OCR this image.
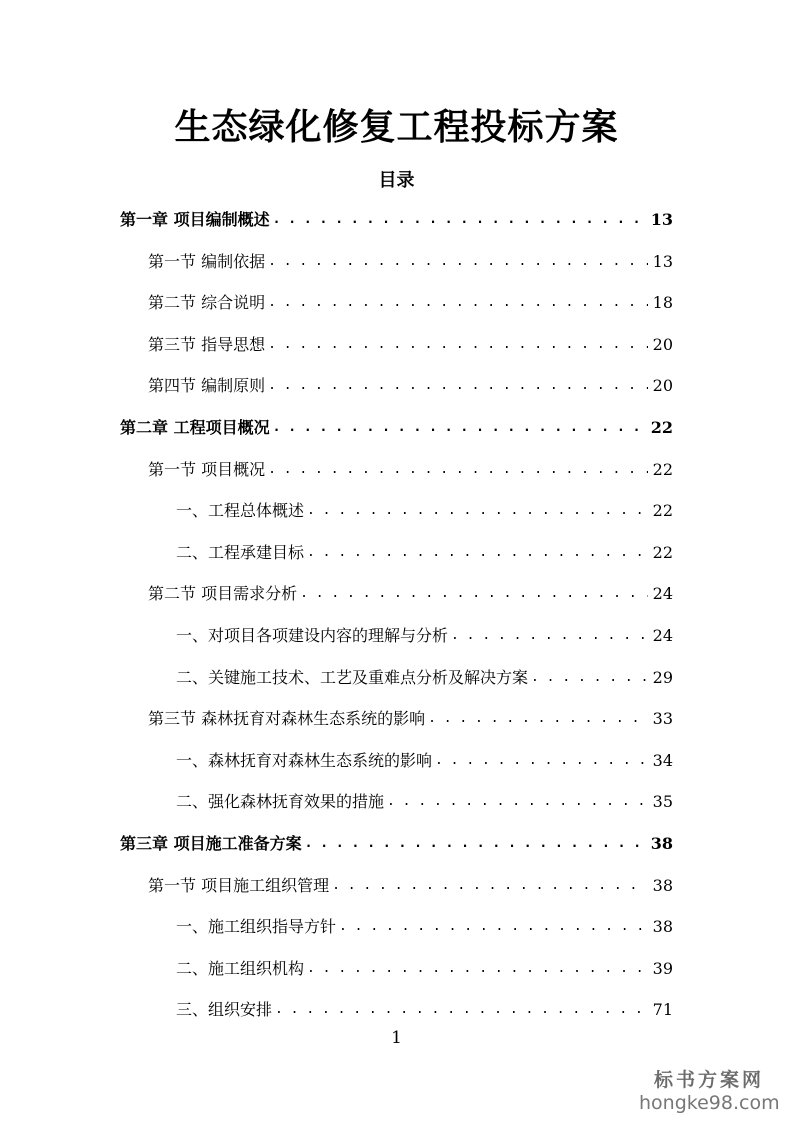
生态绿化修复工程投标方案
目录
第一章 项目编制概述 . . .	13
第一节 编制依据 . . .	13
第二节 综合说明 . . .	18
第三节 指导思想 . . .	20
第四节 编制原则 . . .	20
第二章 工程项目概况 . . .	22
第一节 项目概况 . . .	22
一、工程总体概述 . . .	22
二、工程承建目标 . . .	22
第二节 项目需求分析 . . .	24
一、对项目各项建设内容的理解与分析 . . .	24
二、关键施工技术、工艺及重难点分析及解决方案 . . .	29
第三节 森林抚育对森林生态系统的影响 . . .	33
一、森林抚育对森林生态系统的影响 . . .	34
二、强化森林抚育效果的措施 . . .	35
第三章 项目施工准备方案 . . .	38
第一节 项目施工组织管理 . . .	38
一、施工组织指导方针 . . .	38
二、施工组织机构 . . .	39
三、组织安排 . . .	71
1
标书方案网
hongke98.com
